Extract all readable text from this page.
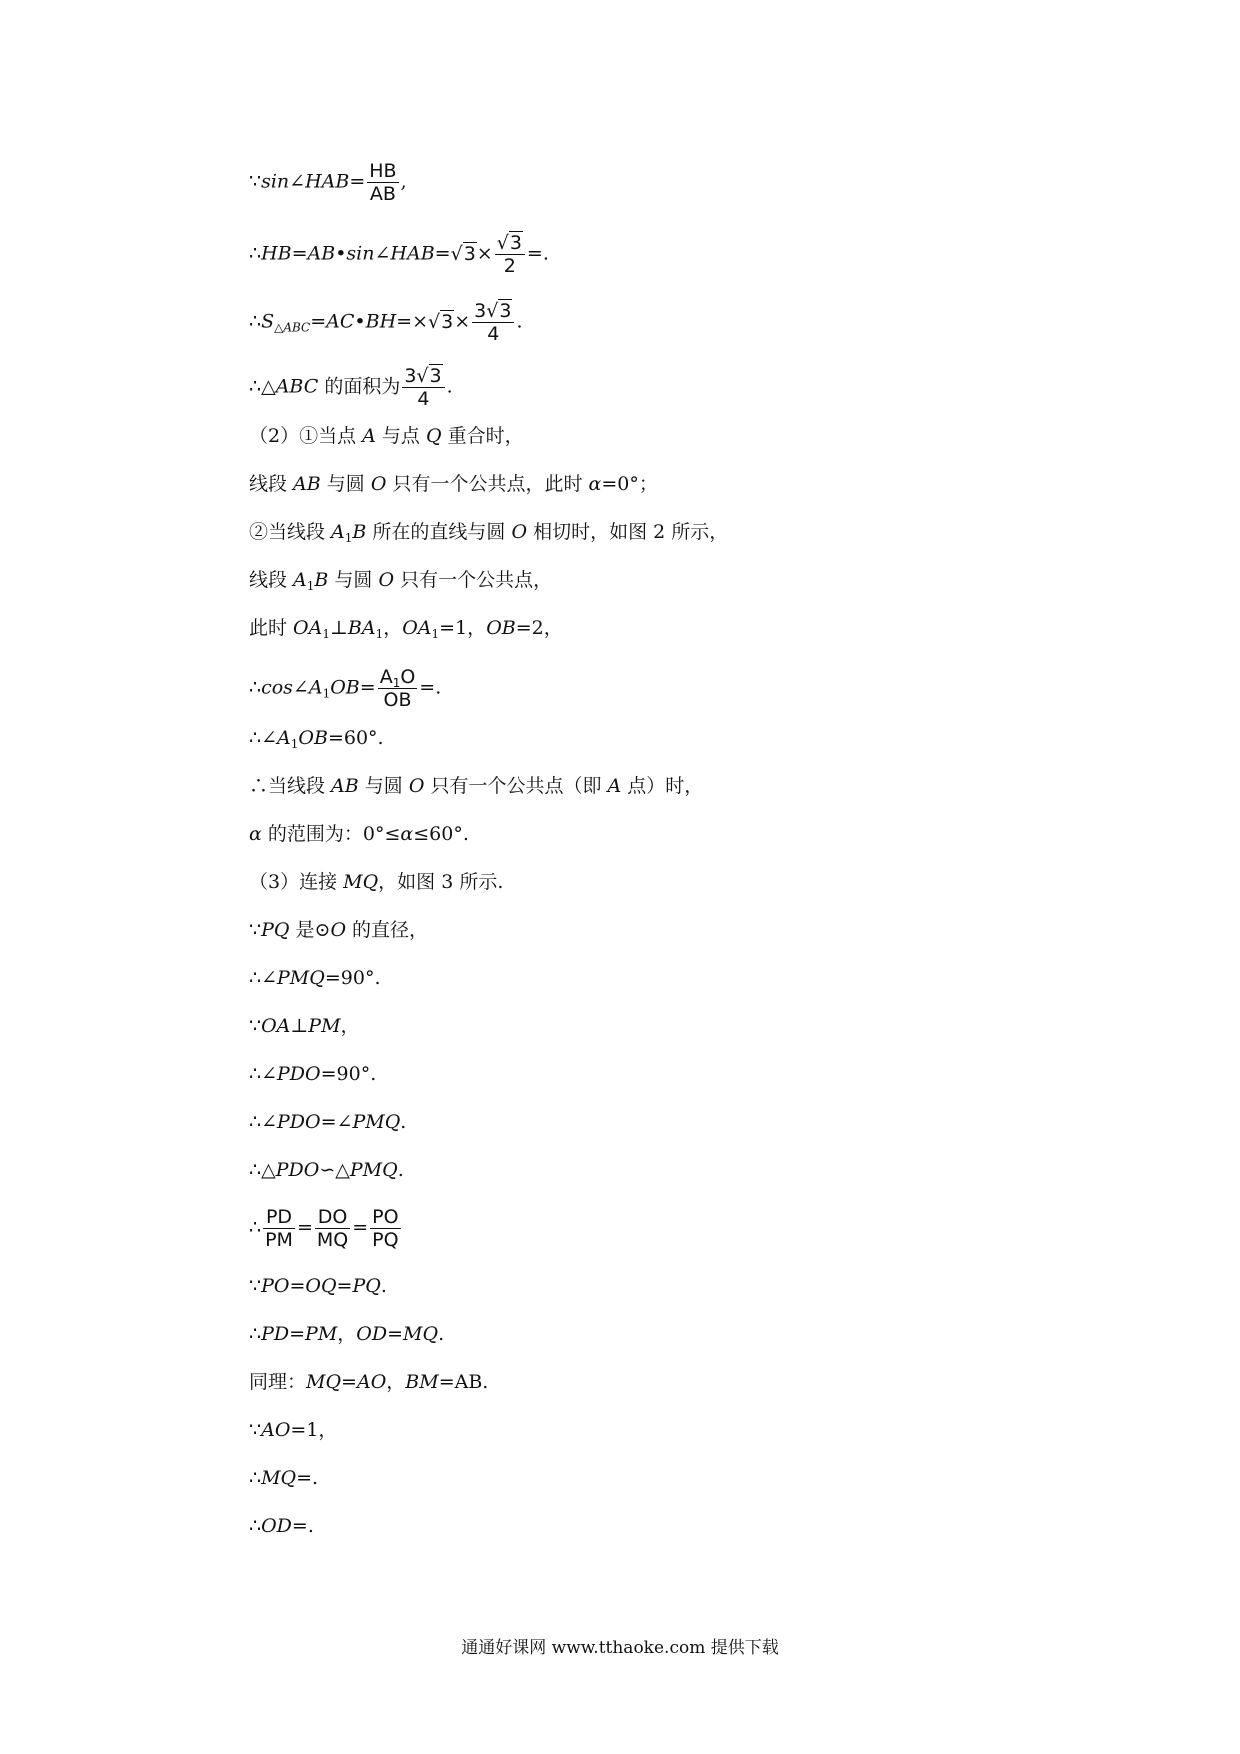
∵sin∠HAB= $\frac{HB}{AB}$ ,
∴HB=AB•sin∠HAB=√3× $\frac{√3}{2}$ =.
$\therefore S_{\triangle ABC}=AC•BH=\times√3\times \frac{3√3}{4}$ .
∴△ABC 的面积为 $\frac{3√3}{4}$ .
（2）①当点 A 与点 Q 重合时，
线段 AB 与圆 O 只有一个公共点，此时 α=0°；
②当线段 $A_1B$ 所在的直线与圆 O 相切时，如图 2 所示，
线段 $A_1B$ 与圆 O 只有一个公共点，
此时 $OA_1\perp BA_1$，$OA_1=1$，OB=2，
$\therefore\cos\angle A_1OB= \frac{A_1O}{OB}$ =.
$\therefore\angle A_1OB=60^\circ$.
∴当线段 AB 与圆 O 只有一个公共点（即 A 点）时，
α 的范围为：0°≤α≤60°.
（3）连接 MQ，如图 3 所示.
∵PQ 是⊙O 的直径，
∴∠PMQ=90°.
∵OA⊥PM，
∴∠PDO=90°.
∴∠PDO=∠PMQ.
∴△PDO∽△PMQ.
∴ $\frac{PD}{PM} = \frac{DO}{MQ} = \frac{PO}{PQ}$
∵PO=OQ=PQ.
∴PD=PM，OD=MQ.
同理：MQ=AO，BM=AB.
∵AO=1，
∴MQ=.
∴OD=.
通通好课网 www.tthaoke.com 提供下载
